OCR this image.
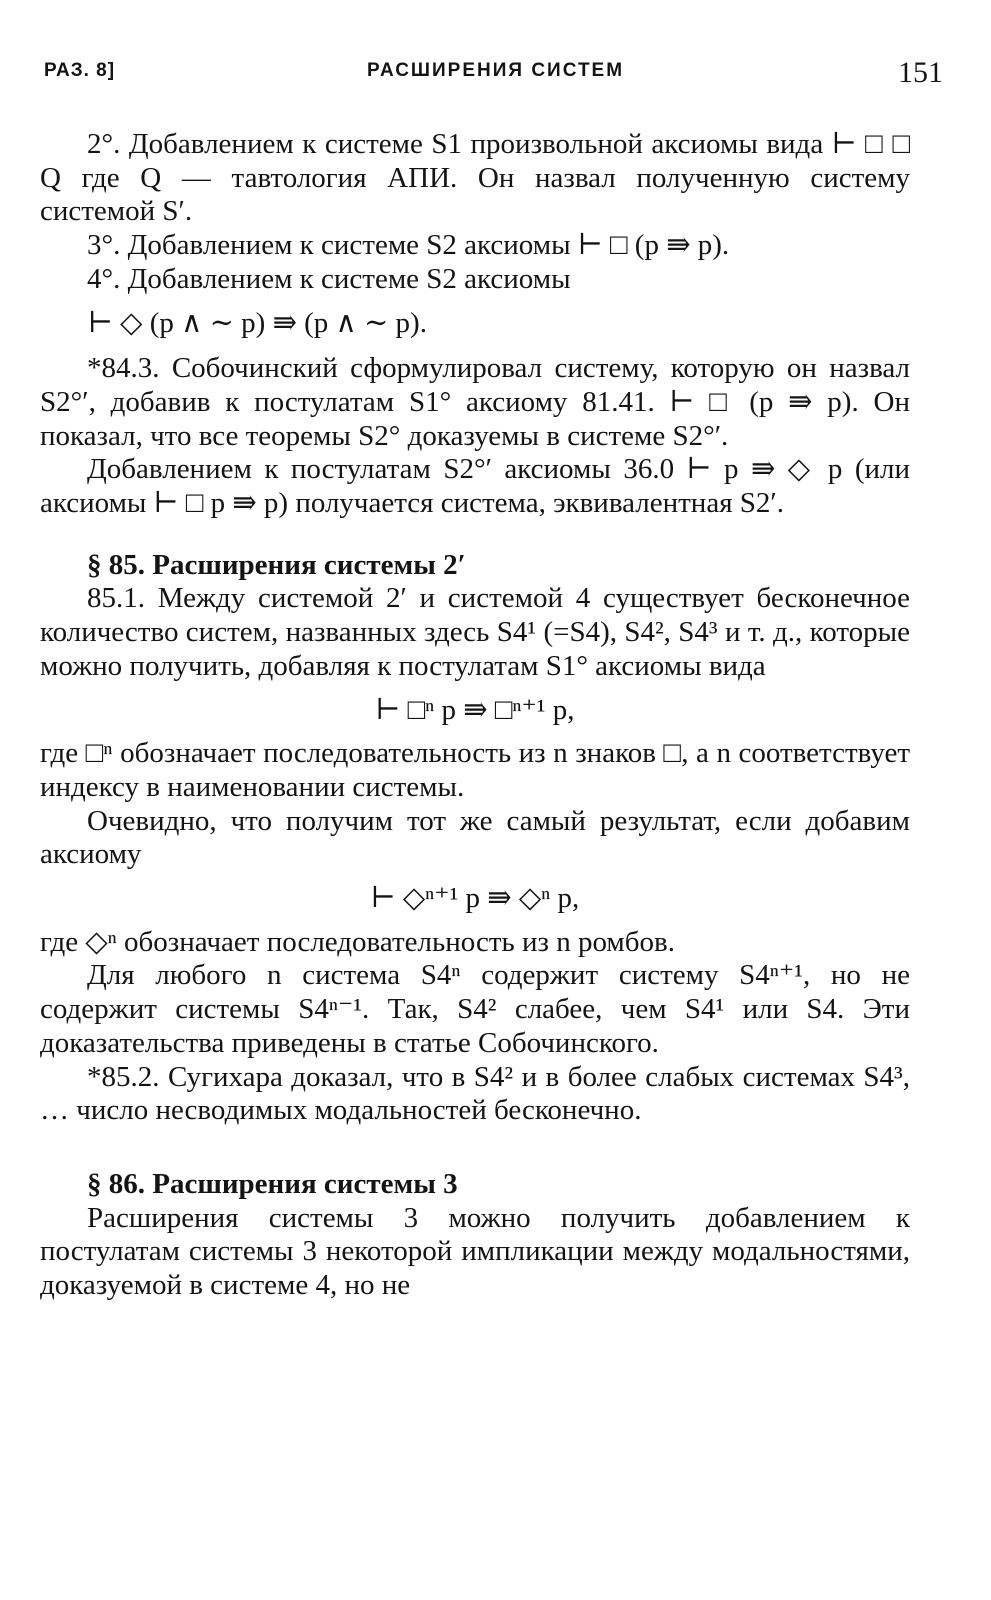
РАЗ. 8]	РАСШИРЕНИЯ СИСТЕМ	151

2°. Добавлением к системе S1 произвольной аксиомы вида ⊢ □ □ Q где Q — тавтология АПИ. Он назвал полученную систему системой S′.

3°. Добавлением к системе S2 аксиомы ⊢ □ (p ⇛ p).

4°. Добавлением к системе S2 аксиомы

⊢ ◇ (p ∧ ∼ p) ⇛ (p ∧ ∼ p).

*84.3. Собочинский сформулировал систему, которую он назвал S2°′, добавив к постулатам S1° аксиому 81.41. ⊢ □ (p ⇛ p). Он показал, что все теоремы S2° доказуемы в системе S2°′.

Добавлением к постулатам S2°′ аксиомы 36.0 ⊢ p ⇛ ◇ p (или аксиомы ⊢ □ p ⇛ p) получается система, эквивалентная S2′.

§ 85. Расширения системы 2′

85.1. Между системой 2′ и системой 4 существует бесконечное количество систем, названных здесь S4¹ (=S4), S4², S4³ и т. д., которые можно получить, добавляя к постулатам S1° аксиомы вида

⊢ □ⁿ p ⇛ □ⁿ⁺¹ p,

где □ⁿ обозначает последовательность из n знаков □, а n соответствует индексу в наименовании системы.

Очевидно, что получим тот же самый результат, если добавим аксиому

⊢ ◇ⁿ⁺¹ p ⇛ ◇ⁿ p,

где ◇ⁿ обозначает последовательность из n ромбов.

Для любого n система S4ⁿ содержит систему S4ⁿ⁺¹, но не содержит системы S4ⁿ⁻¹. Так, S4² слабее, чем S4¹ или S4. Эти доказательства приведены в статье Собочинского.

*85.2. Сугихара доказал, что в S4² и в более слабых системах S4³, … число несводимых модальностей бесконечно.

§ 86. Расширения системы 3

Расширения системы 3 можно получить добавлением к постулатам системы 3 некоторой импликации между модальностями, доказуемой в системе 4, но не
